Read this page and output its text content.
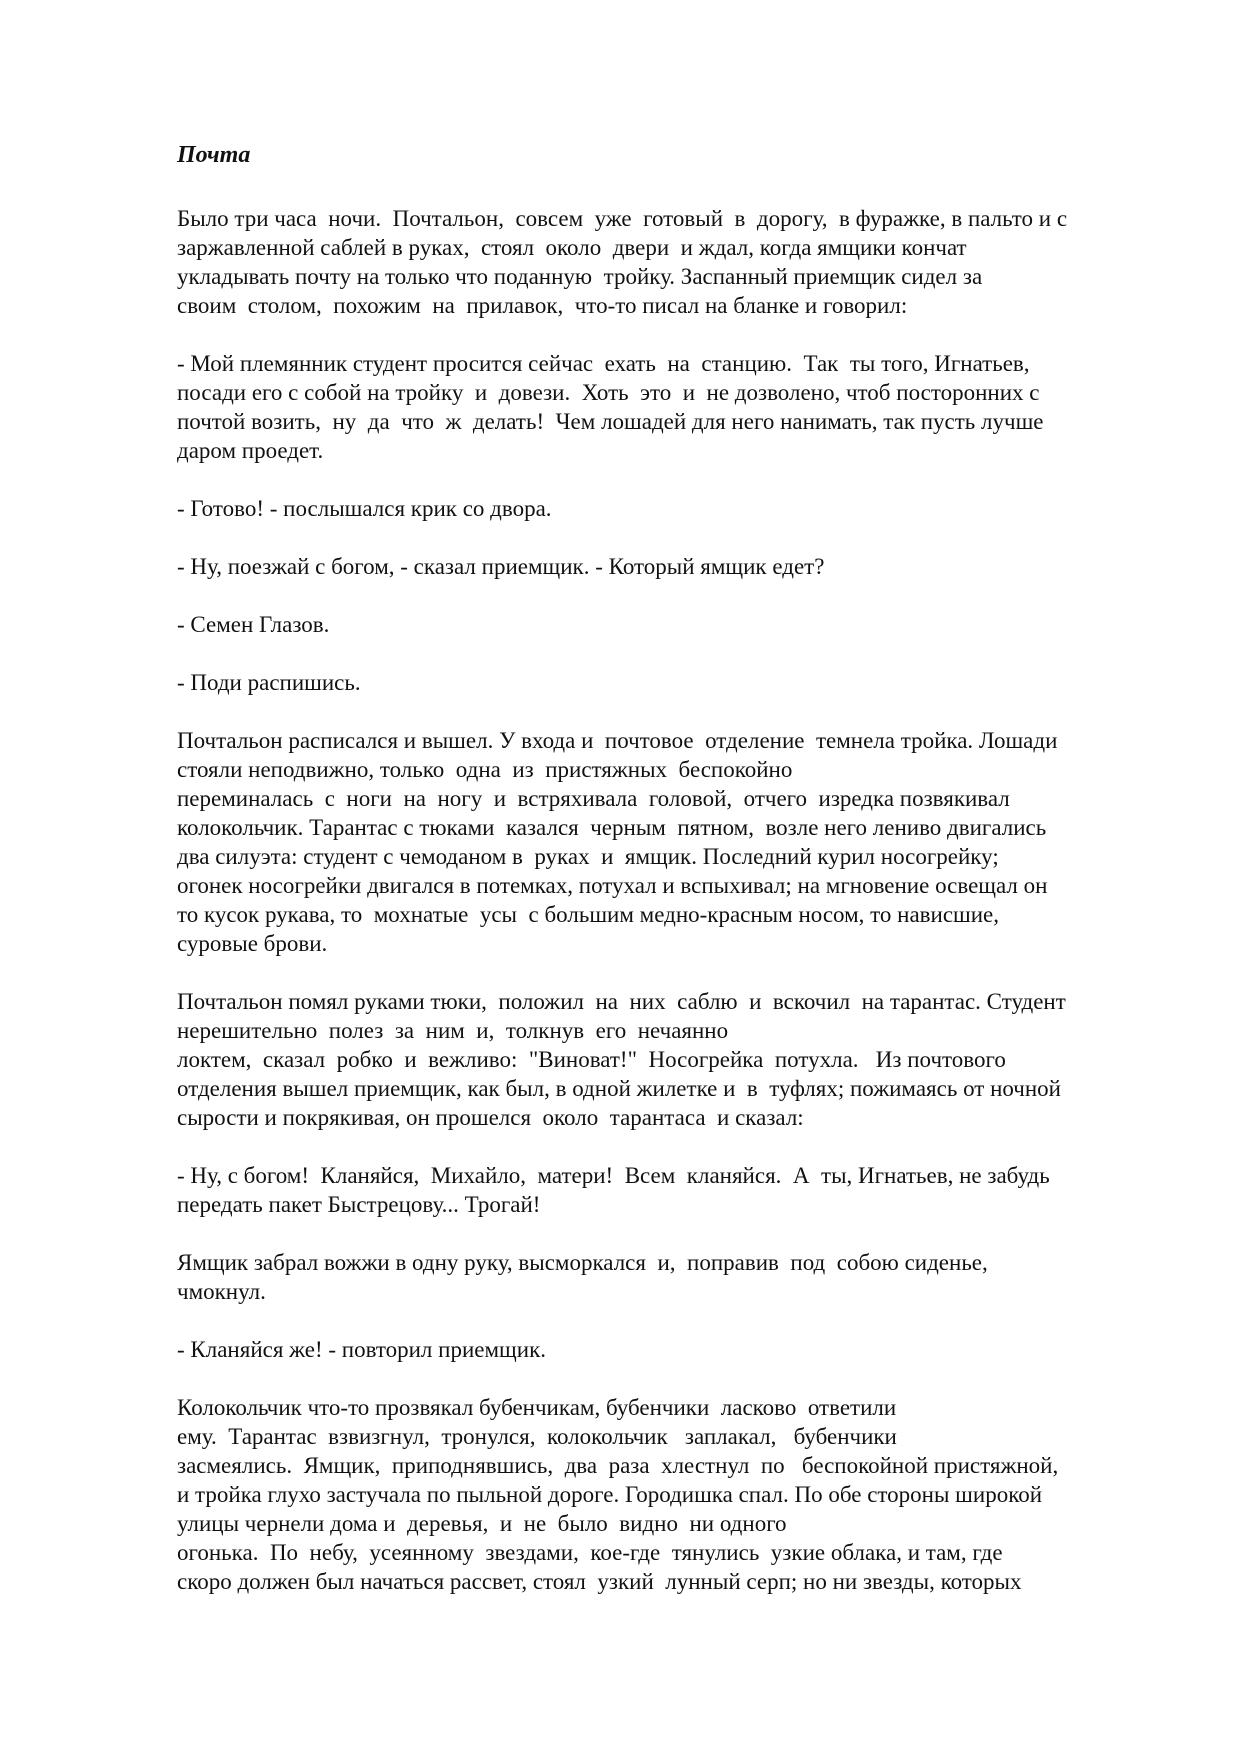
Почта

Было три часа  ночи.  Почтальон,  совсем  уже  готовый  в  дорогу,  в фуражке, в пальто и с
заржавленной саблей в руках,  стоял  около  двери  и ждал, когда ямщики кончат
укладывать почту на только что поданную  тройку. Заспанный приемщик сидел за
своим  столом,  похожим  на  прилавок,  что-то писал на бланке и говорил:

- Мой племянник студент просится сейчас  ехать  на  станцию.  Так  ты того, Игнатьев,
посади его с собой на тройку  и  довези.  Хоть  это  и  не дозволено, чтоб посторонних с
почтой возить,  ну  да  что  ж  делать!  Чем лошадей для него нанимать, так пусть лучше
даром проедет.

- Готово! - послышался крик со двора.

- Ну, поезжай с богом, - сказал приемщик. - Который ямщик едет?

- Семен Глазов.

- Поди распишись.

Почтальон расписался и вышел. У входа и  почтовое  отделение  темнела тройка. Лошади
стояли неподвижно, только  одна  из  пристяжных  беспокойно
переминалась  с  ноги  на  ногу  и  встряхивала  головой,  отчего  изредка позвякивал
колокольчик. Тарантас с тюками  казался  черным  пятном,  возле него лениво двигались
два силуэта: студент с чемоданом в  руках  и  ямщик. Последний курил носогрейку;
огонек носогрейки двигался в потемках, потухал и вспыхивал; на мгновение освещал он
то кусок рукава, то  мохнатые  усы  с большим медно-красным носом, то нависшие,
суровые брови.

Почтальон помял руками тюки,  положил  на  них  саблю  и  вскочил  на тарантас. Студент
нерешительно  полез  за  ним  и,  толкнув  его  нечаянно
локтем,  сказал  робко  и  вежливо:  "Виноват!"  Носогрейка  потухла.   Из почтового
отделения вышел приемщик, как был, в одной жилетке и  в  туфлях; пожимаясь от ночной
сырости и покрякивая, он прошелся  около  тарантаса  и сказал:

- Ну, с богом!  Кланяйся,  Михайло,  матери!  Всем  кланяйся.  А  ты, Игнатьев, не забудь
передать пакет Быстрецову... Трогай!

Ямщик забрал вожжи в одну руку, высморкался  и,  поправив  под  собою сиденье,
чмокнул.

- Кланяйся же! - повторил приемщик.

Колокольчик что-то прозвякал бубенчикам, бубенчики  ласково  ответили
ему.  Тарантас  взвизгнул,  тронулся,  колокольчик   заплакал,   бубенчики
засмеялись.  Ямщик,  приподнявшись,  два  раза  хлестнул  по   беспокойной пристяжной,
и тройка глухо застучала по пыльной дороге. Городишка спал. По обе стороны широкой
улицы чернели дома и  деревья,  и  не  было  видно  ни одного
огонька.  По  небу,  усеянному  звездами,  кое-где  тянулись  узкие облака, и там, где
скоро должен был начаться рассвет, стоял  узкий  лунный серп; но ни звезды, которых
